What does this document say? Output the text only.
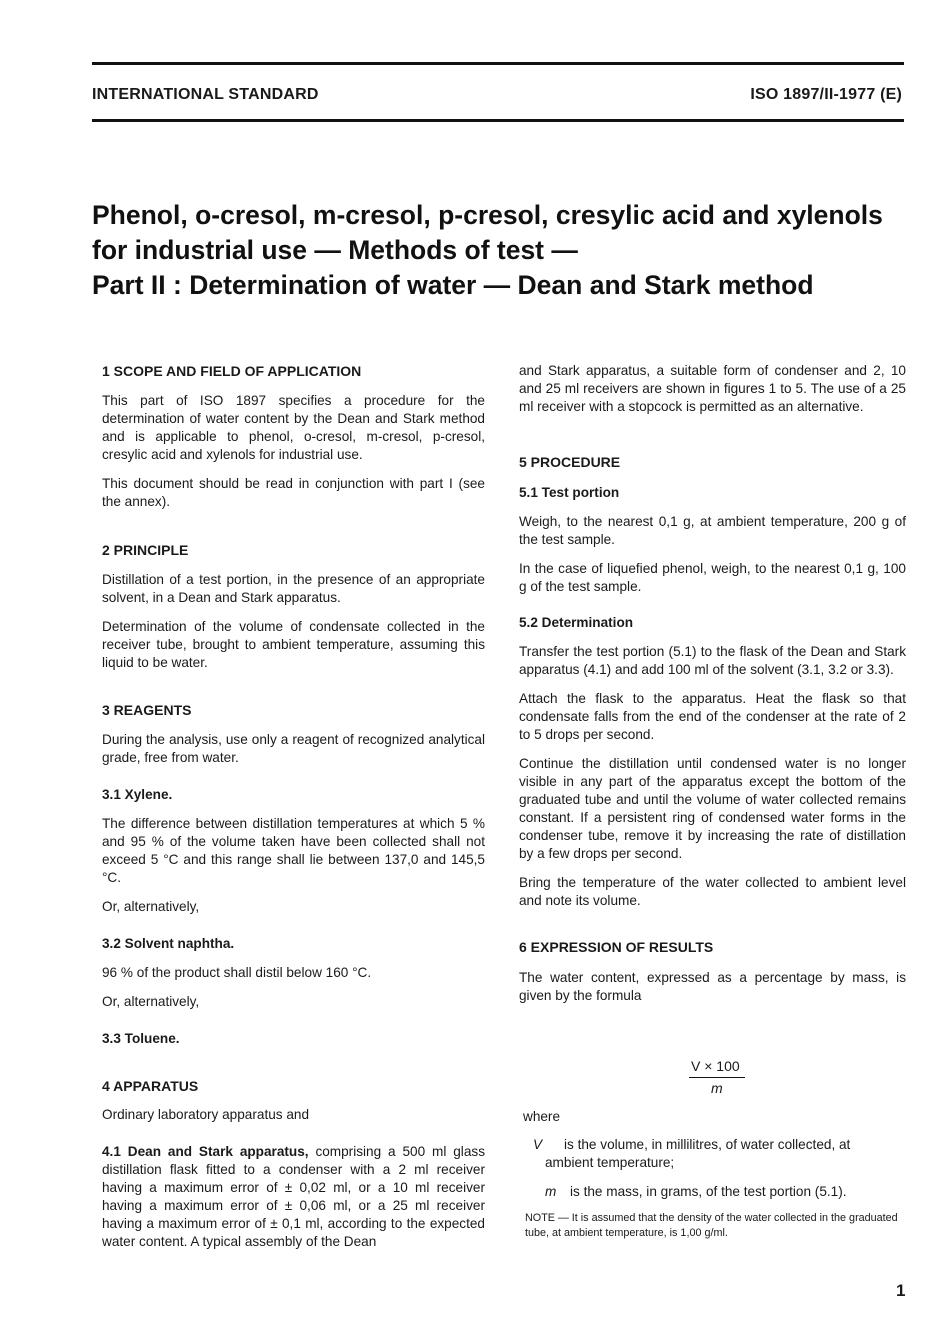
INTERNATIONAL STANDARD	ISO 1897/II-1977 (E)
Phenol, o-cresol, m-cresol, p-cresol, cresylic acid and xylenols
for industrial use — Methods of test —
Part II : Determination of water — Dean and Stark method
1 SCOPE AND FIELD OF APPLICATION

This part of ISO 1897 specifies a procedure for the determination of water content by the Dean and Stark method and is applicable to phenol, o-cresol, m-cresol, p-cresol, cresylic acid and xylenols for industrial use.

This document should be read in conjunction with part I (see the annex).

2 PRINCIPLE

Distillation of a test portion, in the presence of an appropriate solvent, in a Dean and Stark apparatus.

Determination of the volume of condensate collected in the receiver tube, brought to ambient temperature, assuming this liquid to be water.

3 REAGENTS

During the analysis, use only a reagent of recognized analytical grade, free from water.

3.1 Xylene.

The difference between distillation temperatures at which 5 % and 95 % of the volume taken have been collected shall not exceed 5 °C and this range shall lie between 137,0 and 145,5 °C.

Or, alternatively,

3.2 Solvent naphtha.

96 % of the product shall distil below 160 °C.

Or, alternatively,

3.3 Toluene.
4 APPARATUS

Ordinary laboratory apparatus and

4.1 Dean and Stark apparatus, comprising a 500 ml glass distillation flask fitted to a condenser with a 2 ml receiver having a maximum error of ± 0,02 ml, or a 10 ml receiver having a maximum error of ± 0,06 ml, or a 25 ml receiver having a maximum error of ± 0,1 ml, according to the expected water content. A typical assembly of the Dean

and Stark apparatus, a suitable form of condenser and 2, 10 and 25 ml receivers are shown in figures 1 to 5. The use of a 25 ml receiver with a stopcock is permitted as an alternative.

5 PROCEDURE
5.1 Test portion

Weigh, to the nearest 0,1 g, at ambient temperature, 200 g of the test sample.

In the case of liquefied phenol, weigh, to the nearest 0,1 g, 100 g of the test sample.

5.2 Determination

Transfer the test portion (5.1) to the flask of the Dean and Stark apparatus (4.1) and add 100 ml of the solvent (3.1, 3.2 or 3.3).

Attach the flask to the apparatus. Heat the flask so that condensate falls from the end of the condenser at the rate of 2 to 5 drops per second.

Continue the distillation until condensed water is no longer visible in any part of the apparatus except the bottom of the graduated tube and until the volume of water collected remains constant. If a persistent ring of condensed water forms in the condenser tube, remove it by increasing the rate of distillation by a few drops per second.

Bring the temperature of the water collected to ambient level and note its volume.

6 EXPRESSION OF RESULTS

The water content, expressed as a percentage by mass, is given by the formula

V × 100
m
where
V	is the volume, in millilitres, of water collected, at ambient temperature;
m is the mass, in grams, of the test portion (5.1).
NOTE — It is assumed that the density of the water collected in the graduated tube, at ambient temperature, is 1,00 g/ml.
1
